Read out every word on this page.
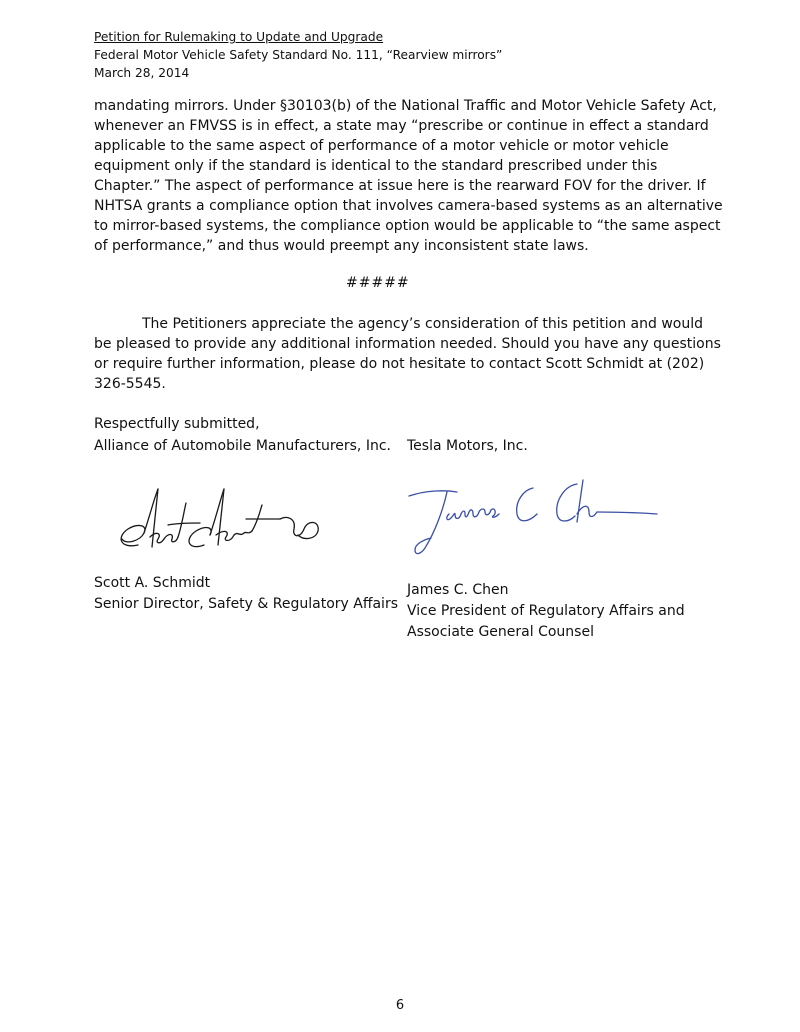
Petition for Rulemaking to Update and Upgrade
Federal Motor Vehicle Safety Standard No. 111, “Rearview mirrors”
March 28, 2014

mandating mirrors. Under §30103(b) of the National Traffic and Motor Vehicle Safety Act, whenever an FMVSS is in effect, a state may “prescribe or continue in effect a standard applicable to the same aspect of performance of a motor vehicle or motor vehicle equipment only if the standard is identical to the standard prescribed under this Chapter.” The aspect of performance at issue here is the rearward FOV for the driver. If NHTSA grants a compliance option that involves camera-based systems as an alternative to mirror-based systems, the compliance option would be applicable to “the same aspect of performance,” and thus would preempt any inconsistent state laws.

#####

The Petitioners appreciate the agency’s consideration of this petition and would be pleased to provide any additional information needed. Should you have any questions or require further information, please do not hesitate to contact Scott Schmidt at (202) 326-5545.

Respectfully submitted,
Alliance of Automobile Manufacturers, Inc. Tesla Motors, Inc.
Scott A. Schmidt
Senior Director, Safety & Regulatory Affairs
James C. Chen
Vice President of Regulatory Affairs and
Associate General Counsel
6
